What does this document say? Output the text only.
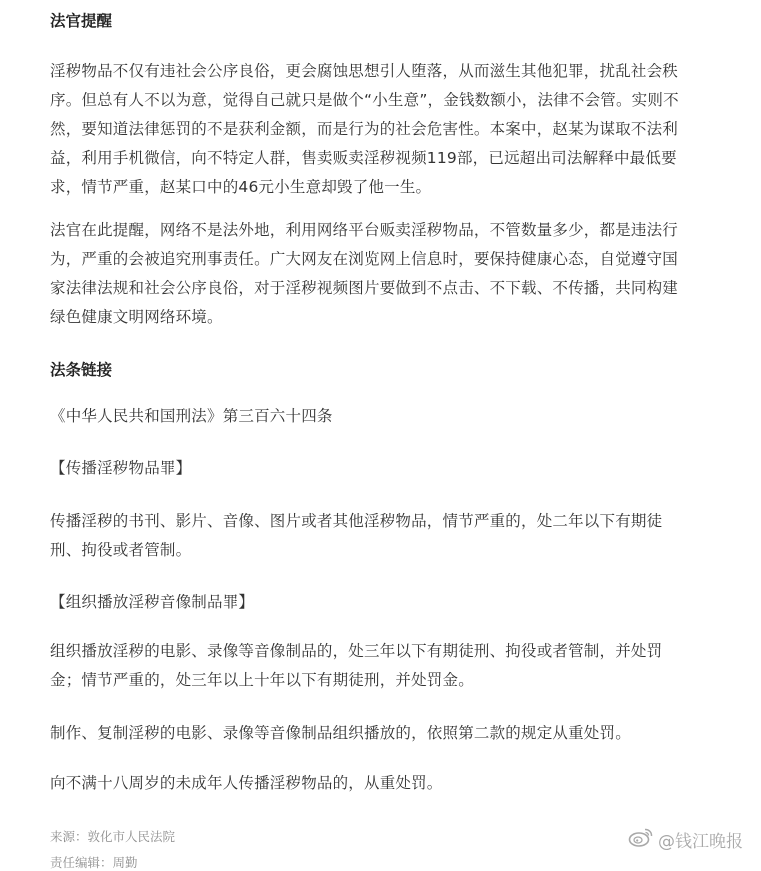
法官提醒

淫秽物品不仅有违社会公序良俗，更会腐蚀思想引人堕落，从而滋生其他犯罪，扰乱社会秩
序。但总有人不以为意，觉得自己就只是做个“小生意”，金钱数额小，法律不会管。实则不
然，要知道法律惩罚的不是获利金额，而是行为的社会危害性。本案中，赵某为谋取不法利
益，利用手机微信，向不特定人群，售卖贩卖淫秽视频119部，已远超出司法解释中最低要
求，情节严重，赵某口中的46元小生意却毁了他一生。

法官在此提醒，网络不是法外地，利用网络平台贩卖淫秽物品，不管数量多少，都是违法行
为，严重的会被追究刑事责任。广大网友在浏览网上信息时，要保持健康心态，自觉遵守国
家法律法规和社会公序良俗，对于淫秽视频图片要做到不点击、不下载、不传播，共同构建
绿色健康文明网络环境。

法条链接

《中华人民共和国刑法》第三百六十四条

【传播淫秽物品罪】

传播淫秽的书刊、影片、音像、图片或者其他淫秽物品，情节严重的，处二年以下有期徒
刑、拘役或者管制。

【组织播放淫秽音像制品罪】

组织播放淫秽的电影、录像等音像制品的，处三年以下有期徒刑、拘役或者管制，并处罚
金；情节严重的，处三年以上十年以下有期徒刑，并处罚金。

制作、复制淫秽的电影、录像等音像制品组织播放的，依照第二款的规定从重处罚。

向不满十八周岁的未成年人传播淫秽物品的，从重处罚。

来源：敦化市人民法院
责任编辑：周勤
@钱江晚报
